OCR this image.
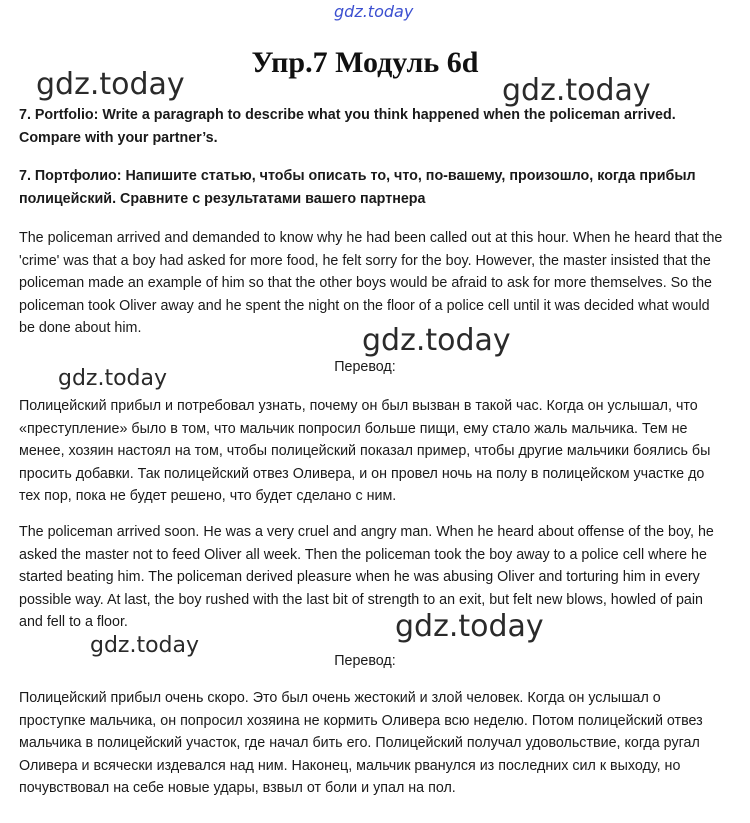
gdz.today
Упр.7 Модуль 6d
gdz.today	gdz.today

7. Portfolio: Write a paragraph to describe what you think happened when the policeman arrived. Compare with your partner’s.

7. Портфолио: Напишите статью, чтобы описать то, что, по-вашему, произошло, когда прибыл полицейский. Сравните с результатами вашего партнера

The policeman arrived and demanded to know why he had been called out at this hour. When he heard that the 'crime' was that a boy had asked for more food, he felt sorry for the boy. However, the master insisted that the policeman made an example of him so that the other boys would be afraid to ask for more themselves. So the policeman took Oliver away and he spent the night on the floor of a police cell until it was decided what would be done about him.	gdz.today
Перевод:
gdz.today

Полицейский прибыл и потребовал узнать, почему он был вызван в такой час. Когда он услышал, что «преступление» было в том, что мальчик попросил больше пищи, ему стало жаль мальчика. Тем не менее, хозяин настоял на том, чтобы полицейский показал пример, чтобы другие мальчики боялись бы просить добавки. Так полицейский отвез Оливера, и он провел ночь на полу в полицейском участке до тех пор, пока не будет решено, что будет сделано с ним.

The policeman arrived soon. He was a very cruel and angry man. When he heard about offense of the boy, he asked the master not to feed Oliver all week. Then the policeman took the boy away to a police cell where he started beating him. The policeman derived pleasure when he was abusing Oliver and torturing him in every possible way. At last, the boy rushed with the last bit of strength to an exit, but felt new blows, howled of pain and fell to a floor.	gdz.today
gdz.today
Перевод:

Полицейский прибыл очень скоро. Это был очень жестокий и злой человек. Когда он услышал о проступке мальчика, он попросил хозяина не кормить Оливера всю неделю. Потом полицейский отвез мальчика в полицейский участок, где начал бить его. Полицейский получал удовольствие, когда ругал Оливера и всячески издевался над ним. Наконец, мальчик рванулся из последних сил к выходу, но почувствовал на себе новые удары, взвыл от боли и упал на пол.
